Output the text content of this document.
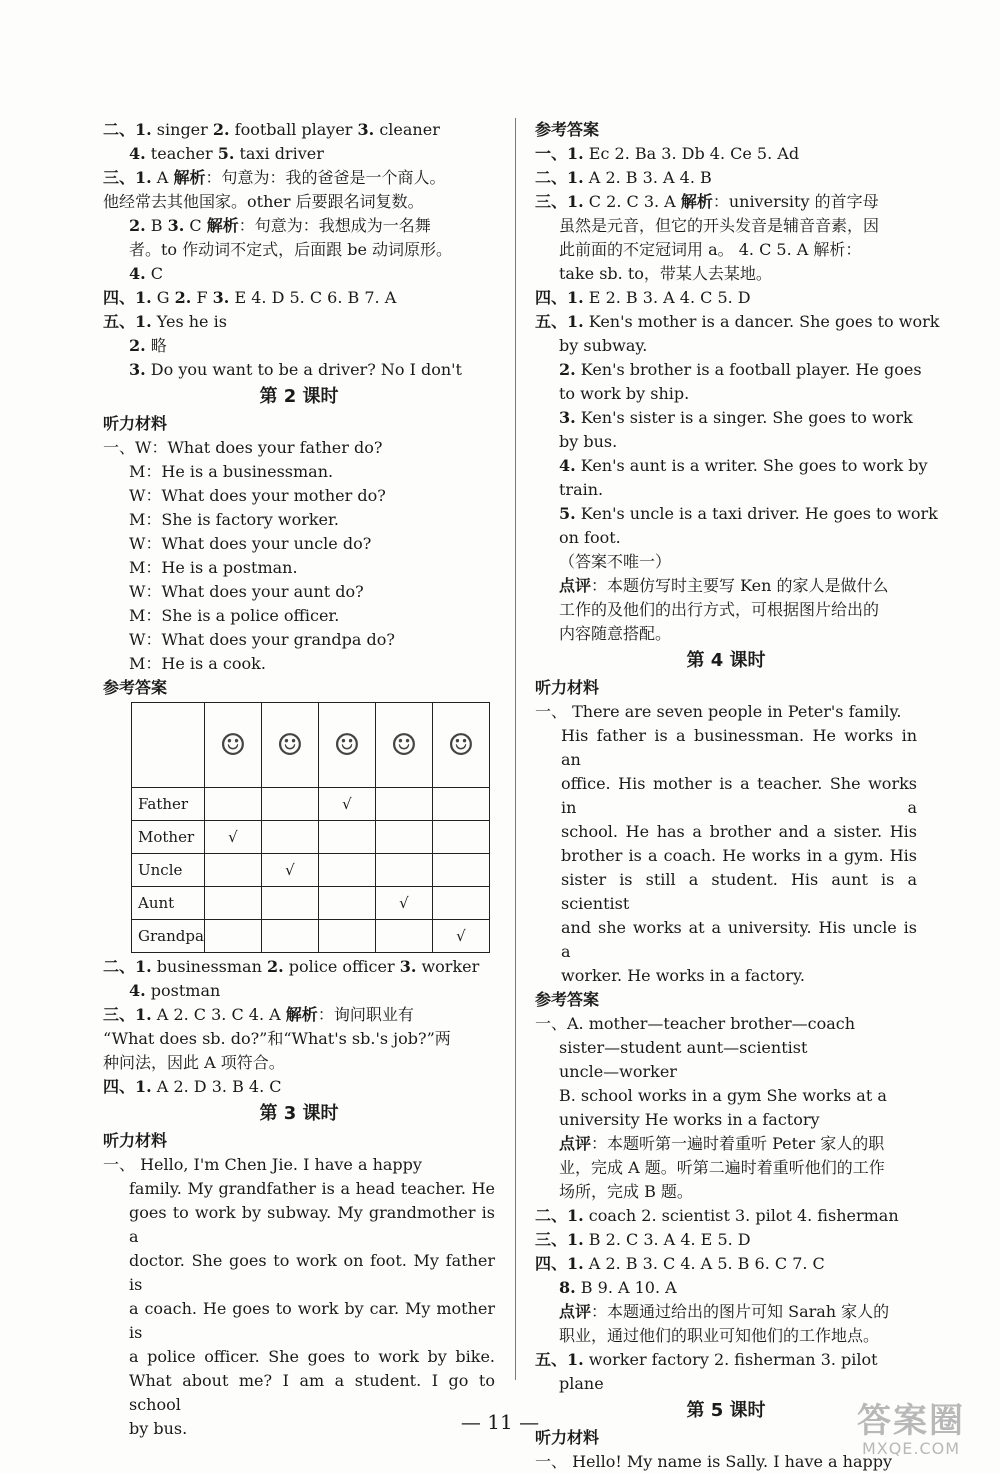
二、1. singer 2. football player 3. cleaner
4. teacher 5. taxi driver
三、1. A 解析：句意为：我的爸爸是一个商人。
他经常去其他国家。other 后要跟名词复数。
2. B 3. C 解析：句意为：我想成为一名舞
者。to 作动词不定式，后面跟 be 动词原形。
4. C
四、1. G 2. F 3. E 4. D 5. C 6. B 7. A
五、1. Yes he is
2. 略
3. Do you want to be a driver? No I don't
第 2 课时
听力材料
一、W：What does your father do?
M：He is a businessman.
W：What does your mother do?
M：She is factory worker.
W：What does your uncle do?
M：He is a postman.
W：What does your aunt do?
M：She is a police officer.
W：What does your grandpa do?
M：He is a cook.
参考答案
	☺	☺	☺	☺	☺
Father			√		
Mother	√				
Uncle		√			
Aunt				√	
Grandpa					√
二、1. businessman 2. police officer 3. worker
4. postman
三、1. A 2. C 3. C 4. A 解析：询问职业有
“What does sb. do?”和“What's sb.'s job?”两
种问法，因此 A 项符合。
四、1. A 2. D 3. B 4. C
第 3 课时
听力材料
一、 Hello, I'm Chen Jie. I have a happy
family. My grandfather is a head teacher. He
goes to work by subway. My grandmother is a
doctor. She goes to work on foot. My father is
a coach. He goes to work by car. My mother is
a police officer. She goes to work by bike.
What about me? I am a student. I go to school
by bus.
参考答案
一、1. Ec 2. Ba 3. Db 4. Ce 5. Ad
二、1. A 2. B 3. A 4. B
三、1. C 2. C 3. A 解析：university 的首字母
虽然是元音，但它的开头发音是辅音音素，因
此前面的不定冠词用 a。 4. C 5. A 解析：
take sb. to，带某人去某地。
四、1. E 2. B 3. A 4. C 5. D
五、1. Ken's mother is a dancer. She goes to work
by subway.
2. Ken's brother is a football player. He goes
to work by ship.
3. Ken's sister is a singer. She goes to work
by bus.
4. Ken's aunt is a writer. She goes to work by
train.
5. Ken's uncle is a taxi driver. He goes to work
on foot.
（答案不唯一）
点评：本题仿写时主要写 Ken 的家人是做什么
工作的及他们的出行方式，可根据图片给出的
内容随意搭配。
第 4 课时
听力材料
一、 There are seven people in Peter's family.
His father is a businessman. He works in an
office. His mother is a teacher. She works in a
school. He has a brother and a sister. His
brother is a coach. He works in a gym. His
sister is still a student. His aunt is a scientist
and she works at a university. His uncle is a
worker. He works in a factory.
参考答案
一、A. mother—teacher brother—coach
sister—student aunt—scientist
uncle—worker
B. school works in a gym She works at a
university He works in a factory
点评：本题听第一遍时着重听 Peter 家人的职
业，完成 A 题。听第二遍时着重听他们的工作
场所，完成 B 题。
二、1. coach 2. scientist 3. pilot 4. fisherman
三、1. B 2. C 3. A 4. E 5. D
四、1. A 2. B 3. C 4. A 5. B 6. C 7. C
8. B 9. A 10. A
点评：本题通过给出的图片可知 Sarah 家人的
职业，通过他们的职业可知他们的工作地点。
五、1. worker factory 2. fisherman 3. pilot
plane
第 5 课时
听力材料
一、 Hello! My name is Sally. I have a happy
— 11 —	答案圈
MXQE.COM
